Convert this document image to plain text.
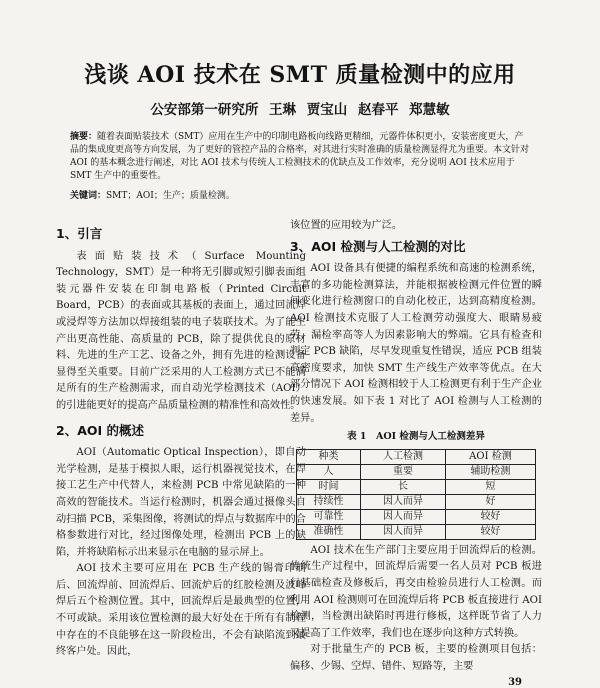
浅谈 AOI 技术在 SMT 质量检测中的应用
公安部第一研究所 王琳 贾宝山 赵春平 郑慧敏
摘要：随着表面贴装技术（SMT）应用在生产中的印制电路板向线路更精细，元器件体积更小，安装密度更大，产品的集成度更高等方向发展，为了更好的管控产品的合格率，对其进行实时准确的质量检测显得尤为重要。本文针对 AOI 的基本概念进行阐述，对比 AOI 技术与传统人工检测技术的优缺点及工作效率，充分说明 AOI 技术应用于 SMT 生产中的重要性。
关键词：SMT；AOI；生产；质量检测。
1、引言

表面贴装技术（Surface Mounting Technology，SMT）是一种将无引脚或短引脚表面组装元器件安装在印制电路板（Printed Circuit Board，PCB）的表面或其基板的表面上，通过回流焊或浸焊等方法加以焊接组装的电子装联技术。为了能生产出更高性能、高质量的 PCB，除了提供优良的原材料、先进的生产工艺、设备之外，拥有先进的检测设备显得至关重要。目前广泛采用的人工检测方式已不能满足所有的生产检测需求，而自动光学检测技术（AOI）的引进能更好的提高产品质量检测的精准性和高效性。

2、AOI 的概述

AOI（Automatic Optical Inspection），即自动光学检测，是基于模拟人眼，运行机器视觉技术，在焊接工艺生产中代替人，来检测 PCB 中常见缺陷的一种高效的智能技术。当运行检测时，机器会通过摄像头自动扫描 PCB，采集图像，将测试的焊点与数据库中的合格参数进行对比，经过图像处理，检测出 PCB 上的缺陷，并将缺陷标示出来显示在电脑的显示屏上。

AOI 技术主要可应用在 PCB 生产线的锡膏印刷后、回流焊前、回流焊后、回流炉后的红胶检测及波峰焊后五个检测位置。其中，回流焊后是最典型的位置，不可或缺。采用该位置检测的最大好处在于所有有制程中存在的不良能够在这一阶段检出，不会有缺陷流到最终客户处。因此，

该位置的应用较为广泛。

3、AOI 检测与人工检测的对比

AOI 设备具有便捷的编程系统和高速的检测系统，丰富的多功能检测算法，并能根据被检测元件位置的瞬间变化进行检测窗口的自动化校正，达到高精度检测。AOI 检测技术克服了人工检测劳动强度大、眼睛易疲劳、漏检率高等人为因素影响大的弊端。它具有检查和判定 PCB 缺陷，尽早发现重复性错误，适应 PCB 组装高密度要求，加快 SMT 生产线生产效率等优点。在大部分情况下 AOI 检测相较于人工检测更有利于生产企业的快速发展。如下表 1 对比了 AOI 检测与人工检测的差异。

表 1　AOI 检测与人工检测差异
种类	人工检测	AOI 检测
人	重要	辅助检测
时间	长	短
持续性	因人而异	好
可靠性	因人而异	较好
准确性	因人而异	较好

AOI 技术在生产部门主要应用于回流焊后的检测。传统生产过程中，回流焊后需要一名人员对 PCB 板进行基础检查及修板后，再交由检验员进行人工检测。而利用 AOI 检测则可在回流焊后将 PCB 板直接进行 AOI 检测，当检测出缺陷时再进行修板，这样既节省了人力又提高了工作效率，我们也在逐步向这种方式转换。

对于批量生产的 PCB 板，主要的检测项目包括：偏移、少锡、空焊、错件、短路等，主要

39
